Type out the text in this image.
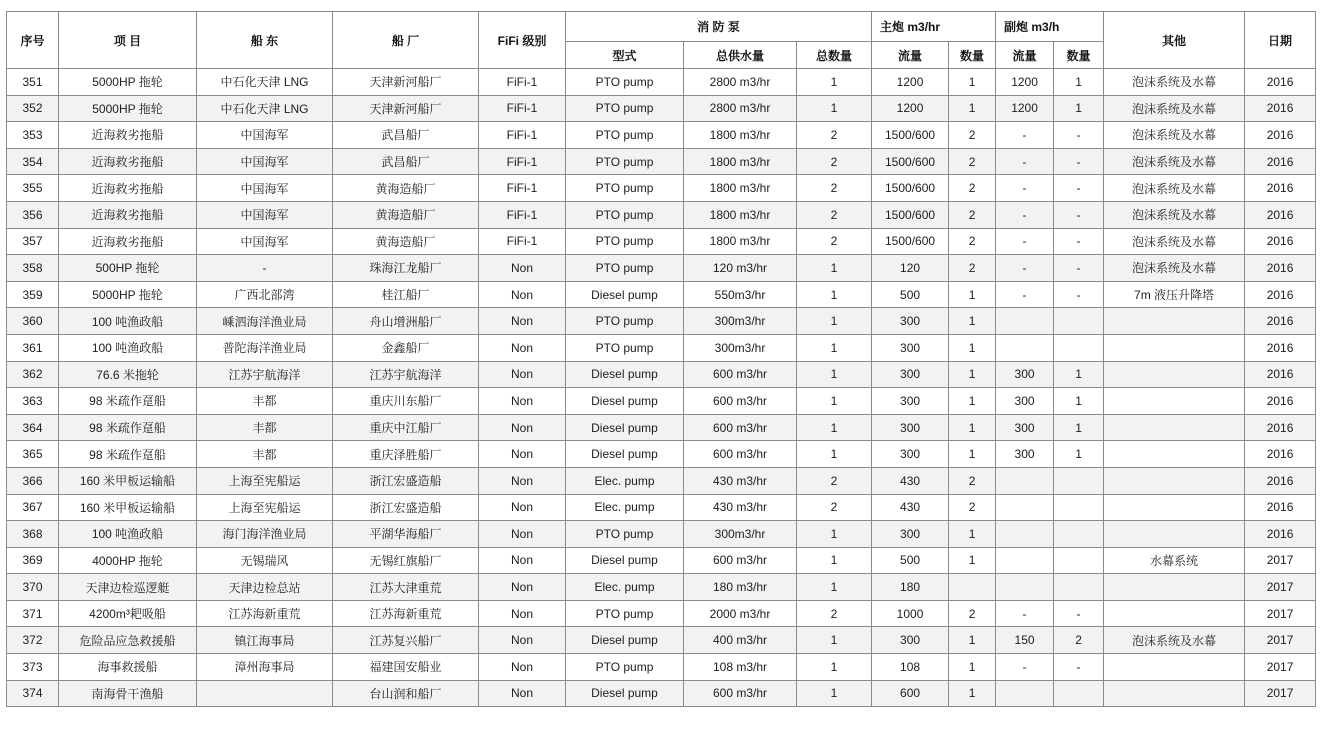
序号	项 目	船 东	船 厂	FiFi 级别	消 防 泵			主炮 m3/hr		副炮 m3/h		其他	日期
					型式	总供水量	总数量	流量	数量	流量	数量		
351	5000HP 拖轮	中石化天津 LNG	天津新河船厂	FiFi-1	PTO pump	2800 m3/hr	1	1200	1	1200	1	泡沫系统及水幕	2016
352	5000HP 拖轮	中石化天津 LNG	天津新河船厂	FiFi-1	PTO pump	2800 m3/hr	1	1200	1	1200	1	泡沫系统及水幕	2016
353	近海救劣拖船	中国海军	武昌船厂	FiFi-1	PTO pump	1800 m3/hr	2	1500/600	2	-	-	泡沫系统及水幕	2016
354	近海救劣拖船	中国海军	武昌船厂	FiFi-1	PTO pump	1800 m3/hr	2	1500/600	2	-	-	泡沫系统及水幕	2016
355	近海救劣拖船	中国海军	黄海造船厂	FiFi-1	PTO pump	1800 m3/hr	2	1500/600	2	-	-	泡沫系统及水幕	2016
356	近海救劣拖船	中国海军	黄海造船厂	FiFi-1	PTO pump	1800 m3/hr	2	1500/600	2	-	-	泡沫系统及水幕	2016
357	近海救劣拖船	中国海军	黄海造船厂	FiFi-1	PTO pump	1800 m3/hr	2	1500/600	2	-	-	泡沫系统及水幕	2016
358	500HP 拖轮	-	珠海江龙船厂	Non	PTO pump	120 m3/hr	1	120	2	-	-	泡沫系统及水幕	2016
359	5000HP 拖轮	广西北部湾	桂江船厂	Non	Diesel pump	550m3/hr	1	500	1	-	-	7m 液压升降塔	2016
360	100 吨渔政船	嵊泗海洋渔业局	舟山增洲船厂	Non	PTO pump	300m3/hr	1	300	1				2016
361	100 吨渔政船	普陀海洋渔业局	金鑫船厂	Non	PTO pump	300m3/hr	1	300	1				2016
362	76.6 米拖轮	江苏宇航海洋	江苏宇航海洋	Non	Diesel pump	600 m3/hr	1	300	1	300	1		2016
363	98 米疏作趸船	丰都	重庆川东船厂	Non	Diesel pump	600 m3/hr	1	300	1	300	1		2016
364	98 米疏作趸船	丰都	重庆中江船厂	Non	Diesel pump	600 m3/hr	1	300	1	300	1		2016
365	98 米疏作趸船	丰都	重庆泽胜船厂	Non	Diesel pump	600 m3/hr	1	300	1	300	1		2016
366	160 米甲板运输船	上海至宪船运	浙江宏盛造船	Non	Elec. pump	430 m3/hr	2	430	2				2016
367	160 米甲板运输船	上海至宪船运	浙江宏盛造船	Non	Elec. pump	430 m3/hr	2	430	2				2016
368	100 吨渔政船	海门海洋渔业局	平湖华海船厂	Non	PTO pump	300m3/hr	1	300	1				2016
369	4000HP 拖轮	无锡瑞风	无锡红旗船厂	Non	Diesel pump	600 m3/hr	1	500	1			水幕系统	2017
370	天津边检巡逻艇	天津边检总站	江苏大津重荒	Non	Elec. pump	180 m3/hr	1	180					2017
371	4200m³耙吸船	江苏海新重荒	江苏海新重荒	Non	PTO pump	2000 m3/hr	2	1000	2	-	-		2017
372	危险品应急救援船	镇江海事局	江苏复兴船厂	Non	Diesel pump	400 m3/hr	1	300	1	150	2	泡沫系统及水幕	2017
373	海事救援船	漳州海事局	福建国安船业	Non	PTO pump	108 m3/hr	1	108	1	-	-		2017
374	南海骨干渔船		台山润和船厂	Non	Diesel pump	600 m3/hr	1	600	1				2017
